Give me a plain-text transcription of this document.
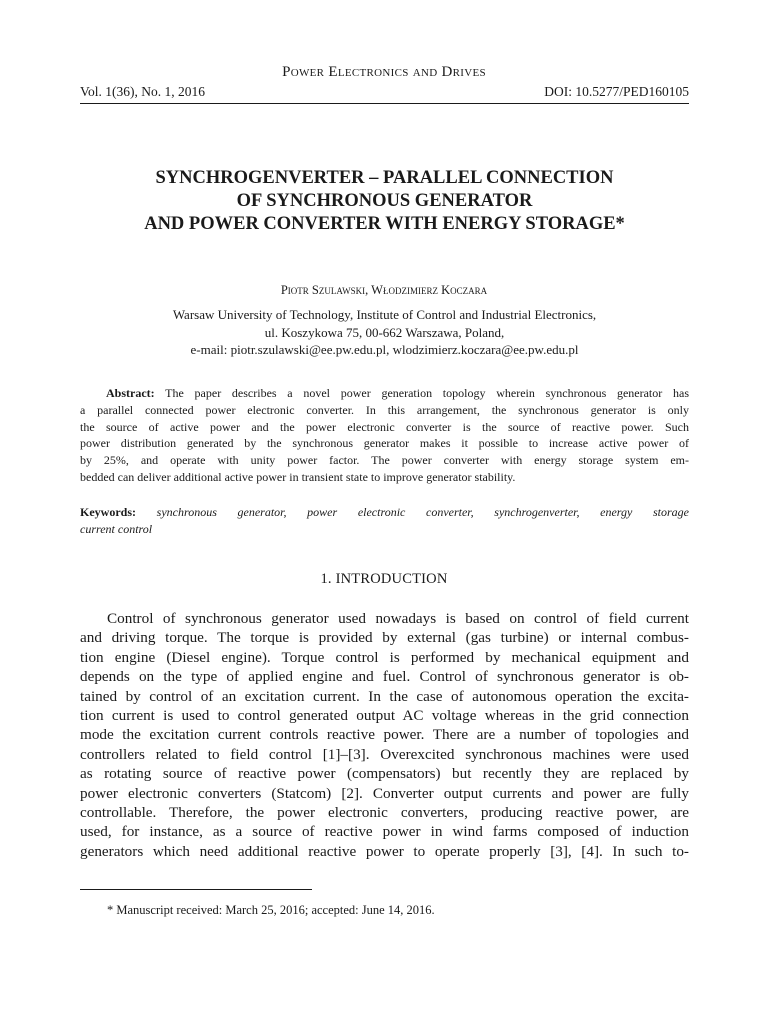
Power Electronics and Drives
Vol. 1(36), No. 1, 2016	DOI: 10.5277/PED160105
SYNCHROGENVERTER – PARALLEL CONNECTION
OF SYNCHRONOUS GENERATOR
AND POWER CONVERTER WITH ENERGY STORAGE*
Piotr Szulawski, Włodzimierz Koczara
Warsaw University of Technology, Institute of Control and Industrial Electronics,
ul. Koszykowa 75, 00-662 Warszawa, Poland,
e-mail: piotr.szulawski@ee.pw.edu.pl, wlodzimierz.koczara@ee.pw.edu.pl
Abstract: The paper describes a novel power generation topology wherein synchronous generator has
a parallel connected power electronic converter. In this arrangement, the synchronous generator is only
the source of active power and the power electronic converter is the source of reactive power. Such
power distribution generated by the synchronous generator makes it possible to increase active power of
by 25%, and operate with unity power factor. The power converter with energy storage system em-
bedded can deliver additional active power in transient state to improve generator stability.
Keywords: synchronous generator, power electronic converter, synchrogenverter, energy storage
current control
1. INTRODUCTION
Control of synchronous generator used nowadays is based on control of field current
and driving torque. The torque is provided by external (gas turbine) or internal combus-
tion engine (Diesel engine). Torque control is performed by mechanical equipment and
depends on the type of applied engine and fuel. Control of synchronous generator is ob-
tained by control of an excitation current. In the case of autonomous operation the excita-
tion current is used to control generated output AC voltage whereas in the grid connection
mode the excitation current controls reactive power. There are a number of topologies and
controllers related to field control [1]–[3]. Overexcited synchronous machines were used
as rotating source of reactive power (compensators) but recently they are replaced by
power electronic converters (Statcom) [2]. Converter output currents and power are fully
controllable. Therefore, the power electronic converters, producing reactive power, are
used, for instance, as a source of reactive power in wind farms composed of induction
generators which need additional reactive power to operate properly [3], [4]. In such to-
* Manuscript received: March 25, 2016; accepted: June 14, 2016.
